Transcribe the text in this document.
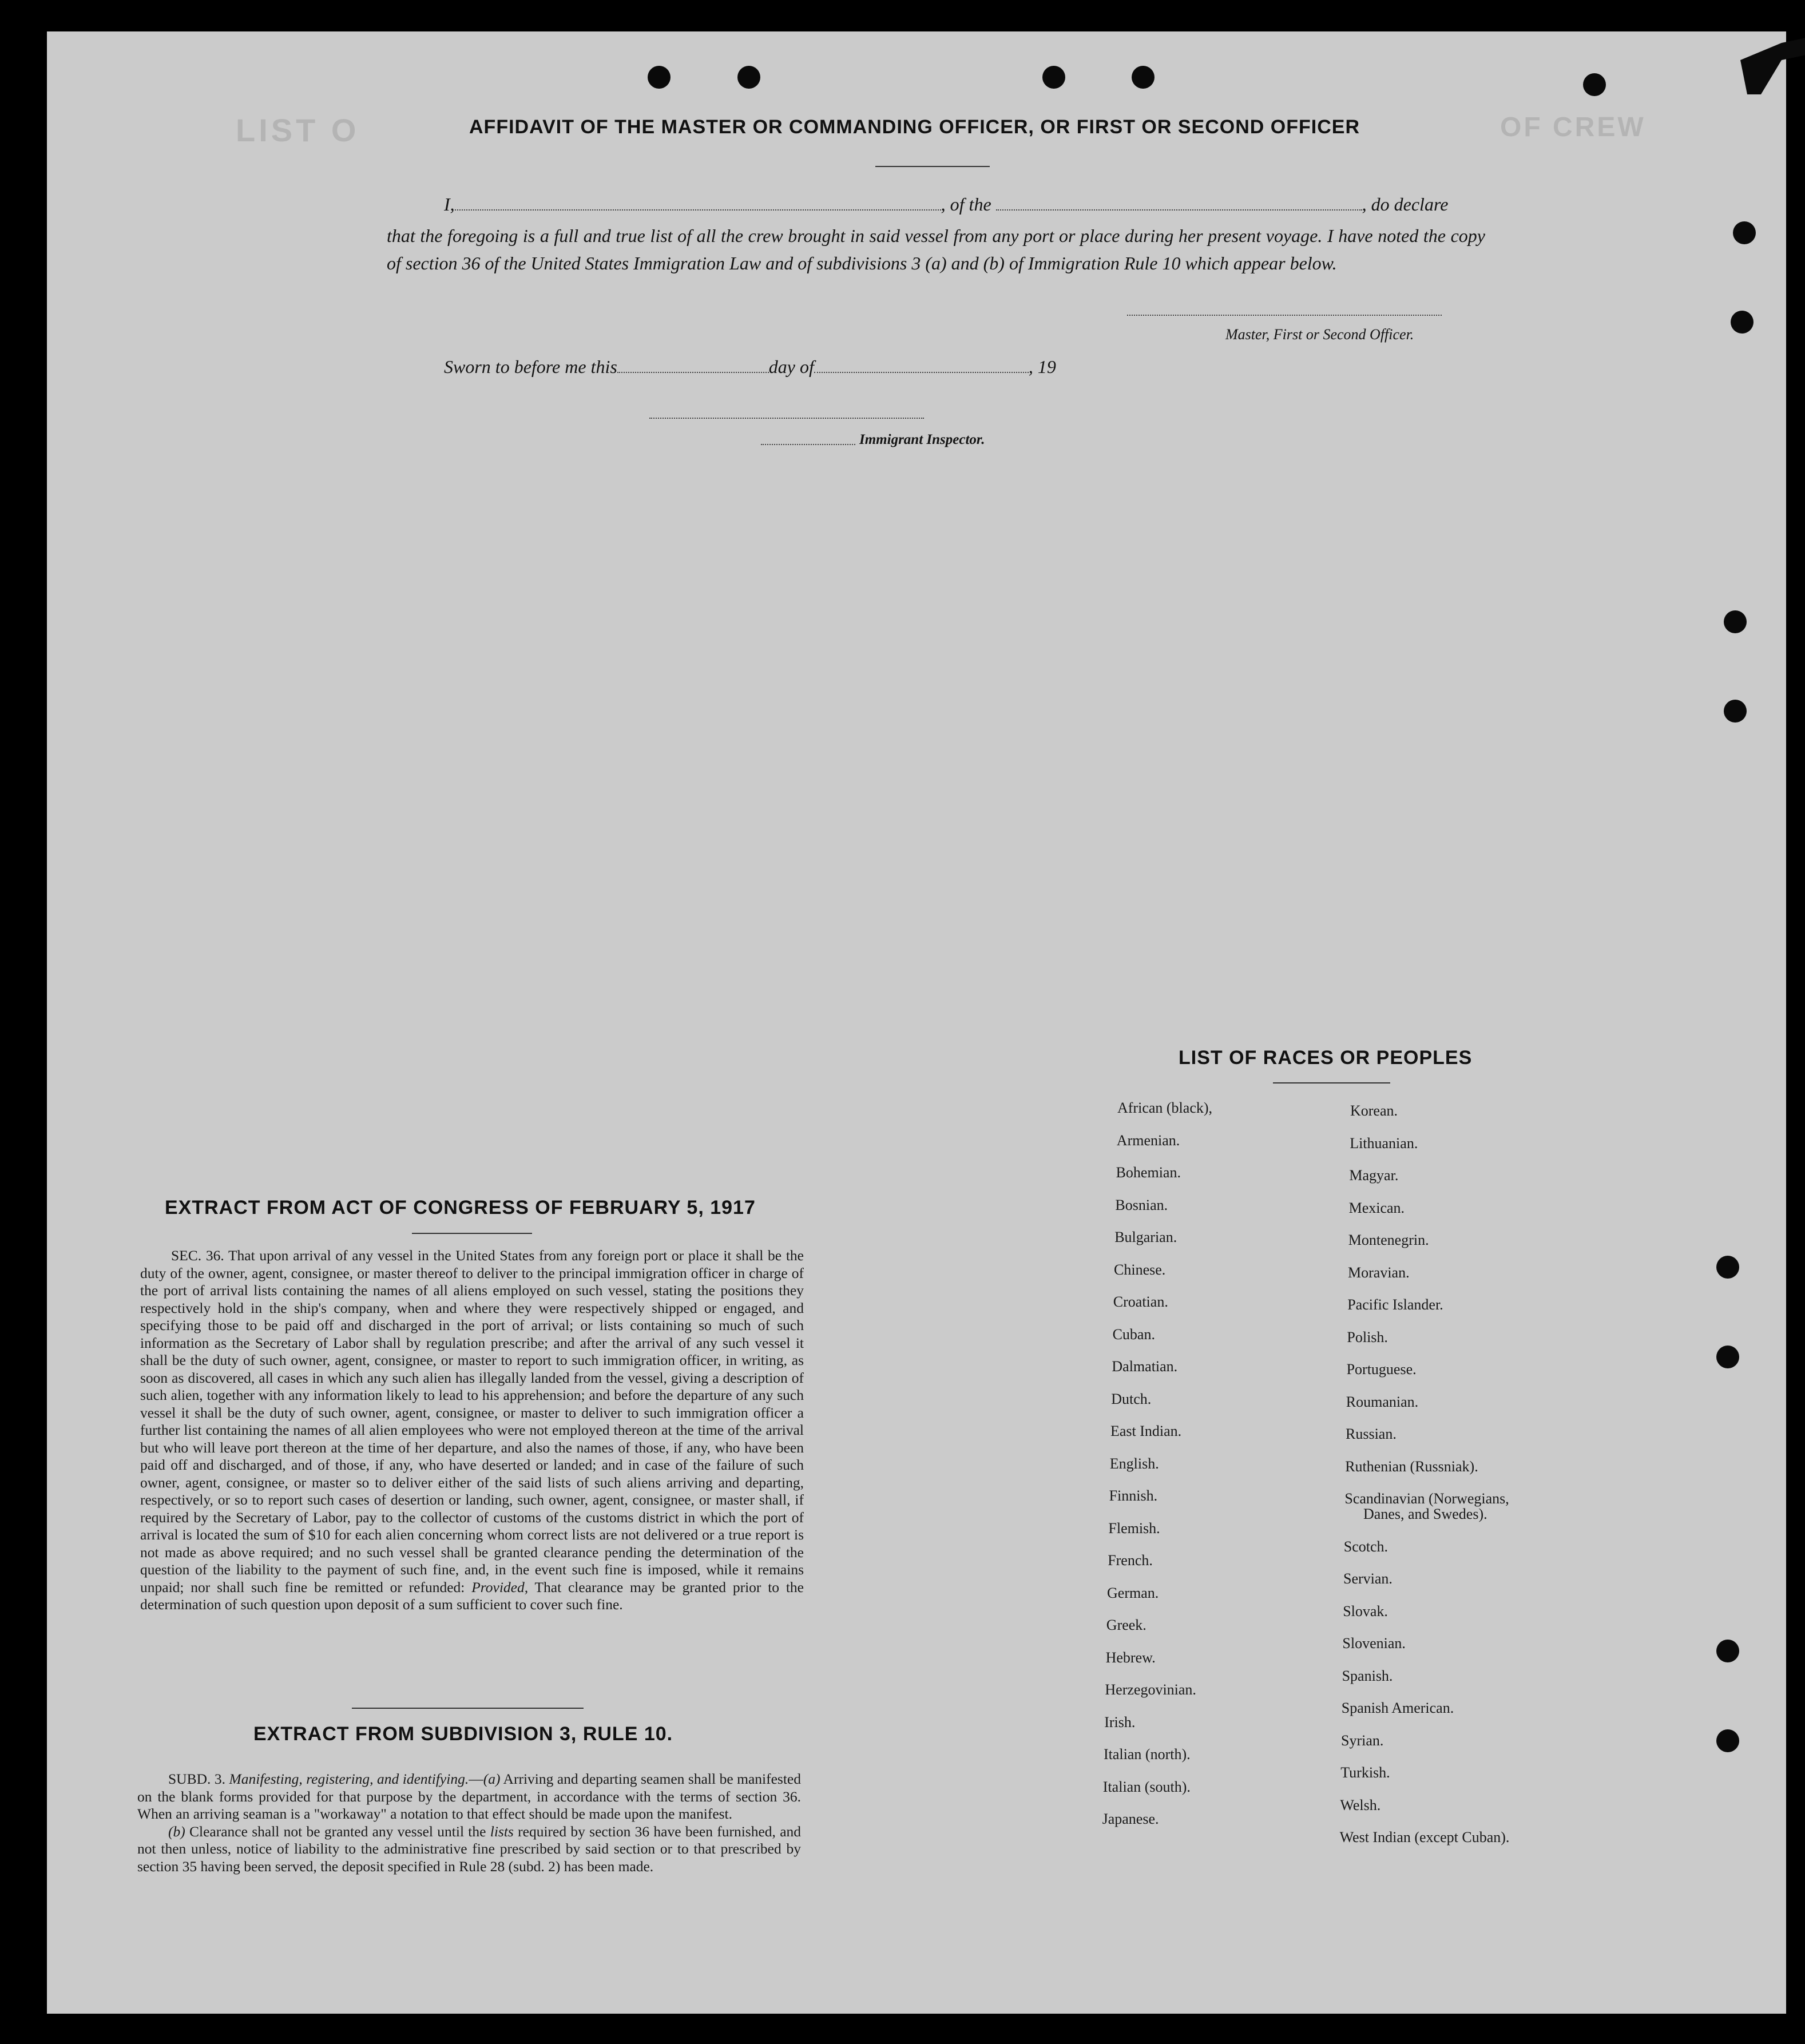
LIST O	OF CREW
AFFIDAVIT OF THE MASTER OR COMMANDING OFFICER, OR FIRST OR SECOND OFFICER
I,	, of the	, do declare
that the foregoing is a full and true list of all the crew brought in said vessel from any port or place during her present voyage. I have noted the copy of section 36 of the United States Immigration Law and of subdivisions 3 (a) and (b) of Immigration Rule 10 which appear below.
Master, First or Second Officer.
Sworn to before me this	day of	, 19
Immigrant Inspector.
EXTRACT FROM ACT OF CONGRESS OF FEBRUARY 5, 1917
SEC. 36. That upon arrival of any vessel in the United States from any foreign port or place it shall be the duty of the owner, agent, consignee, or master thereof to deliver to the principal immigration officer in charge of the port of arrival lists containing the names of all aliens employed on such vessel, stating the positions they respectively hold in the ship's company, when and where they were respectively shipped or engaged, and specifying those to be paid off and discharged in the port of arrival; or lists containing so much of such information as the Secretary of Labor shall by regulation prescribe; and after the arrival of any such vessel it shall be the duty of such owner, agent, consignee, or master to report to such immigration officer, in writing, as soon as discovered, all cases in which any such alien has illegally landed from the vessel, giving a description of such alien, together with any information likely to lead to his apprehension; and before the departure of any such vessel it shall be the duty of such owner, agent, consignee, or master to deliver to such immigration officer a further list containing the names of all alien employees who were not employed thereon at the time of the arrival but who will leave port thereon at the time of her departure, and also the names of those, if any, who have been paid off and discharged, and of those, if any, who have deserted or landed; and in case of the failure of such owner, agent, consignee, or master so to deliver either of the said lists of such aliens arriving and departing, respectively, or so to report such cases of desertion or landing, such owner, agent, consignee, or master shall, if required by the Secretary of Labor, pay to the collector of customs of the customs district in which the port of arrival is located the sum of $10 for each alien concerning whom correct lists are not delivered or a true report is not made as above required; and no such vessel shall be granted clearance pending the determination of the question of the liability to the payment of such fine, and, in the event such fine is imposed, while it remains unpaid; nor shall such fine be remitted or refunded: Provided, That clearance may be granted prior to the determination of such question upon deposit of a sum sufficient to cover such fine.
EXTRACT FROM SUBDIVISION 3, RULE 10.
SUBD. 3. Manifesting, registering, and identifying.—(a) Arriving and departing seamen shall be manifested on the blank forms provided for that purpose by the department, in accordance with the terms of section 36. When an arriving seaman is a "workaway" a notation to that effect should be made upon the manifest.
(b) Clearance shall not be granted any vessel until the lists required by section 36 have been furnished, and not then unless, notice of liability to the administrative fine prescribed by said section or to that prescribed by section 35 having been served, the deposit specified in Rule 28 (subd. 2) has been made.
LIST OF RACES OR PEOPLES
African (black),
Armenian.
Bohemian.
Bosnian.
Bulgarian.
Chinese.
Croatian.
Cuban.
Dalmatian.
Dutch.
East Indian.
English.
Finnish.
Flemish.
French.
German.
Greek.
Hebrew.
Herzegovinian.
Irish.
Italian (north).
Italian (south).
Japanese.
Korean.
Lithuanian.
Magyar.
Mexican.
Montenegrin.
Moravian.
Pacific Islander.
Polish.
Portuguese.
Roumanian.
Russian.
Ruthenian (Russniak).
Scandinavian (Norwegians,
Danes, and Swedes).
Scotch.
Servian.
Slovak.
Slovenian.
Spanish.
Spanish American.
Syrian.
Turkish.
Welsh.
West Indian (except Cuban).
